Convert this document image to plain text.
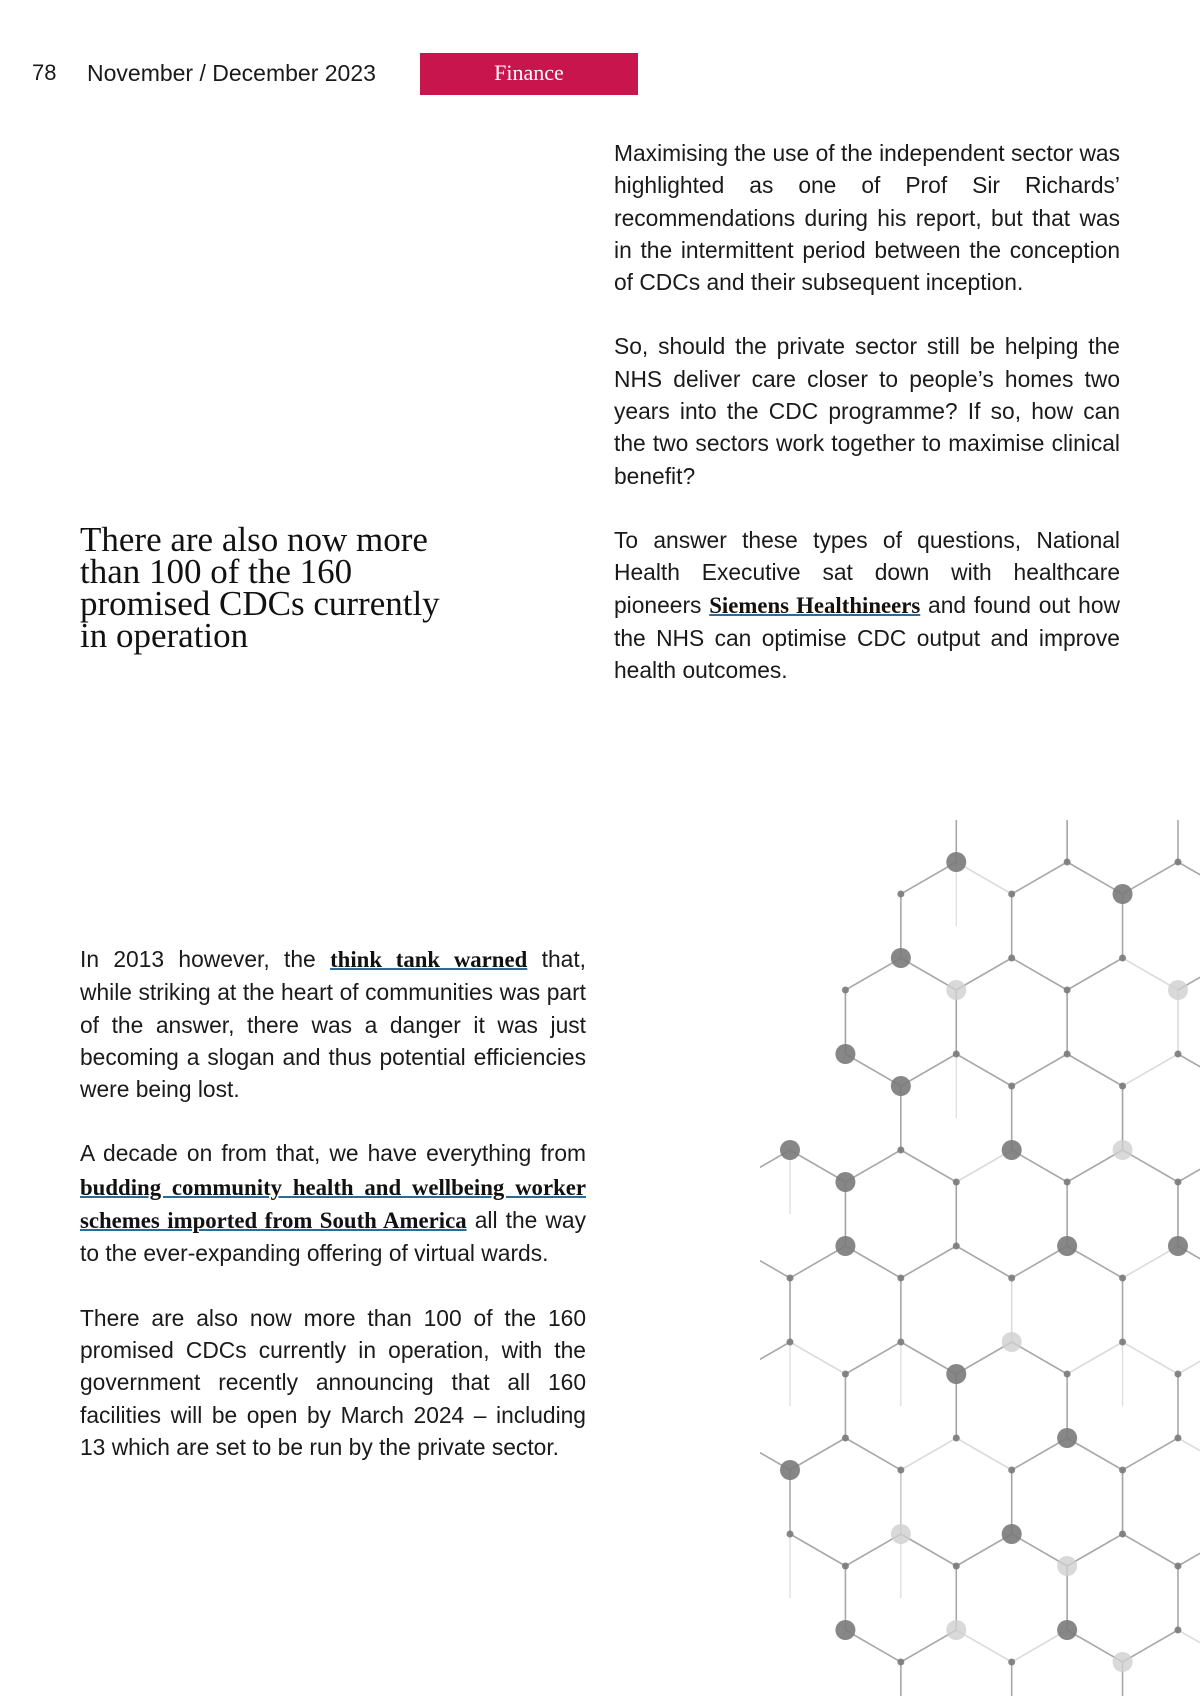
78 November / December 2023	Finance
There are also now more than 100 of the 160 promised CDCs currently in operation

Maximising the use of the independent sector was highlighted as one of Prof Sir Richards’ recommendations during his report, but that was in the intermittent period between the conception of CDCs and their subsequent inception.

So, should the private sector still be helping the NHS deliver care closer to people’s homes two years into the CDC programme? If so, how can the two sectors work together to maximise clinical benefit?

To answer these types of questions, National Health Executive sat down with healthcare pioneers Siemens Healthineers and found out how the NHS can optimise CDC output and improve health outcomes.

In 2013 however, the think tank warned that, while striking at the heart of communities was part of the answer, there was a danger it was just becoming a slogan and thus potential efficiencies were being lost.

A decade on from that, we have everything from budding community health and wellbeing worker schemes imported from South America all the way to the ever-expanding offering of virtual wards.

There are also now more than 100 of the 160 promised CDCs currently in operation, with the government recently announcing that all 160 facilities will be open by March 2024 – including 13 which are set to be run by the private sector.
